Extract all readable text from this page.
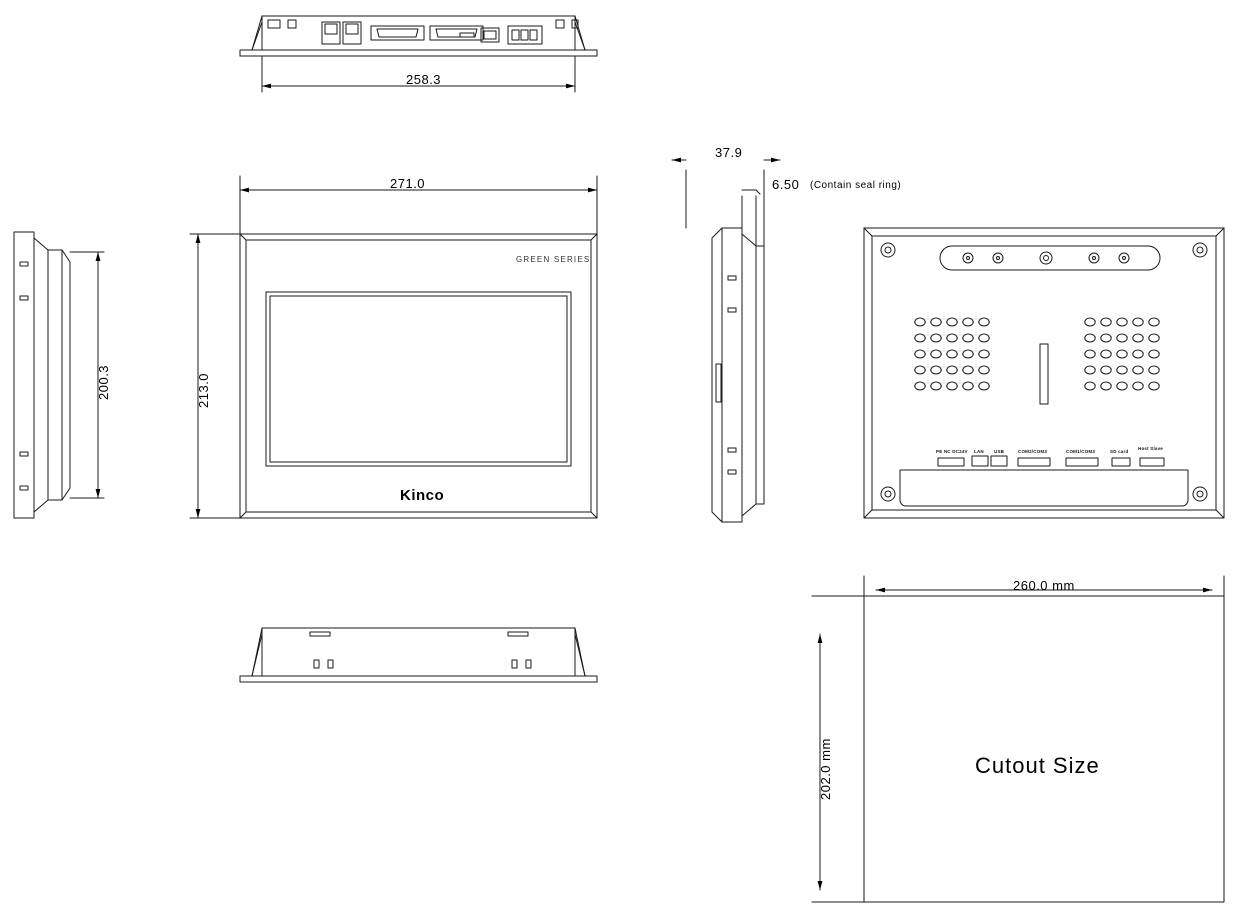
258.3
271.0
213.0
200.3
37.9
6.50 (Contain seal ring)
Kinco
GREEN SERIES
Cutout Size
260.0 mm
202.0 mm
PE NC DC24V LAN USB	COM2/COM3	COM1/COM3	SD card
Host Slave
